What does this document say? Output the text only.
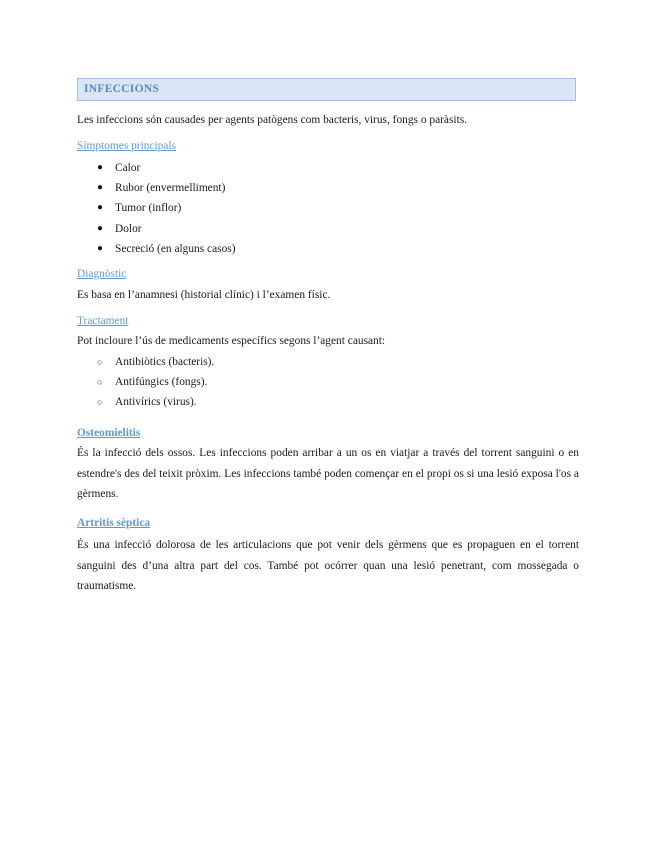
INFECCIONS
Les infeccions són causades per agents patògens com bacteris, virus, fongs o paràsits.
Símptomes principals
● Calor
● Rubor (envermelliment)
● Tumor (inflor)
● Dolor
● Secreció (en alguns casos)
Diagnòstic
Es basa en l’anamnesi (historial clínic) i l’examen físic.
Tractament
Pot incloure l’ús de medicaments específics segons l’agent causant:
○ Antibiòtics (bacteris).
○ Antifúngics (fongs).
○ Antivírics (virus).
Osteomielitis
És la infecció dels ossos. Les infeccions poden arribar a un os en viatjar a través del torrent sanguini o en estendre's des del teixit pròxim. Les infeccions també poden començar en el propi os si una lesió exposa l'os a gèrmens.
Artritis sèptica
És una infecció dolorosa de les articulacions que pot venir dels gèrmens que es propaguen en el torrent sanguini des d’una altra part del cos. També pot ocórrer quan una lesió penetrant, com mossegada o traumatisme.
